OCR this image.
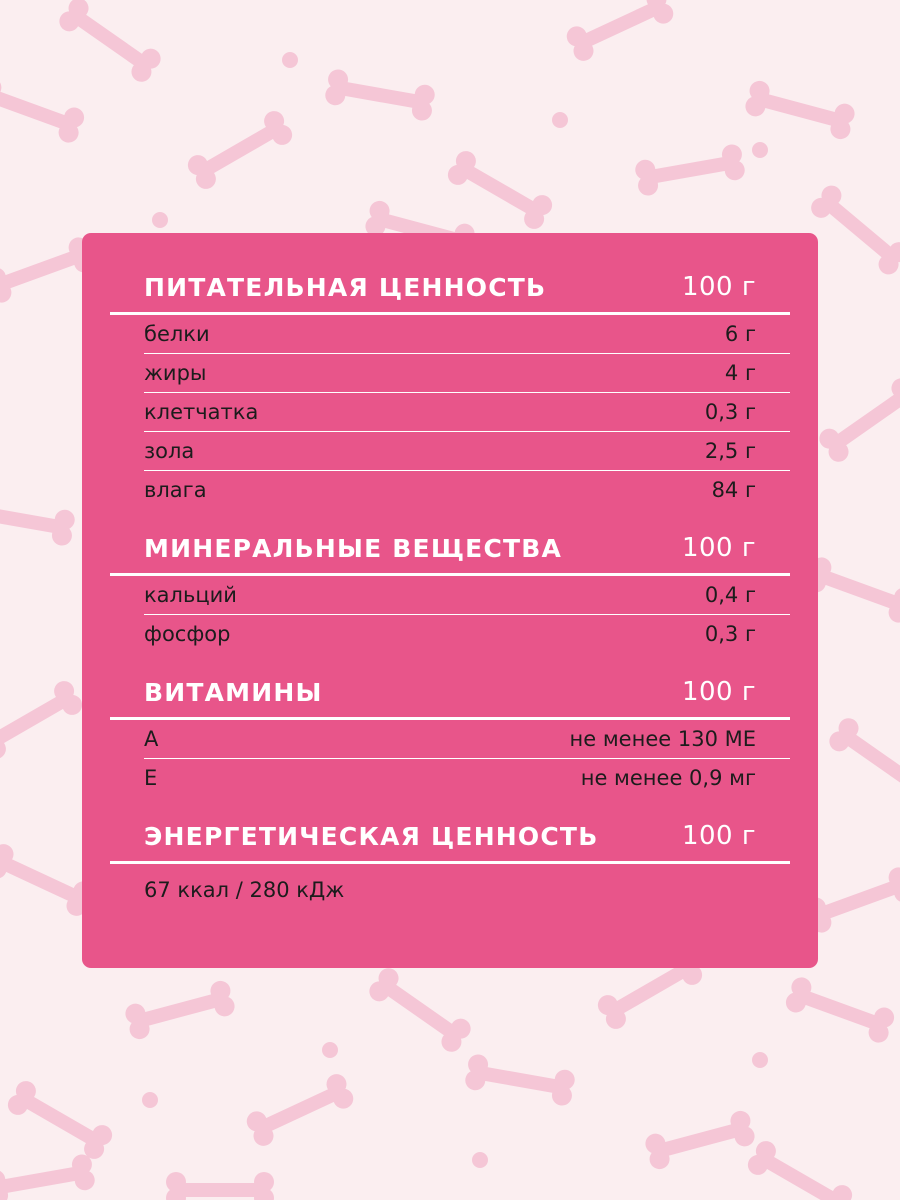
ПИТАТЕЛЬНАЯ ЦЕННОСТЬ	100 г
белки	6 г
жиры	4 г
клетчатка	0,3 г
зола	2,5 г
влага	84 г
МИНЕРАЛЬНЫЕ ВЕЩЕСТВА	100 г
кальций	0,4 г
фосфор	0,3 г
ВИТАМИНЫ	100 г
А	не менее 130 МЕ
Е	не менее 0,9 мг
ЭНЕРГЕТИЧЕСКАЯ ЦЕННОСТЬ	100 г
67 ккал / 280 кДж
